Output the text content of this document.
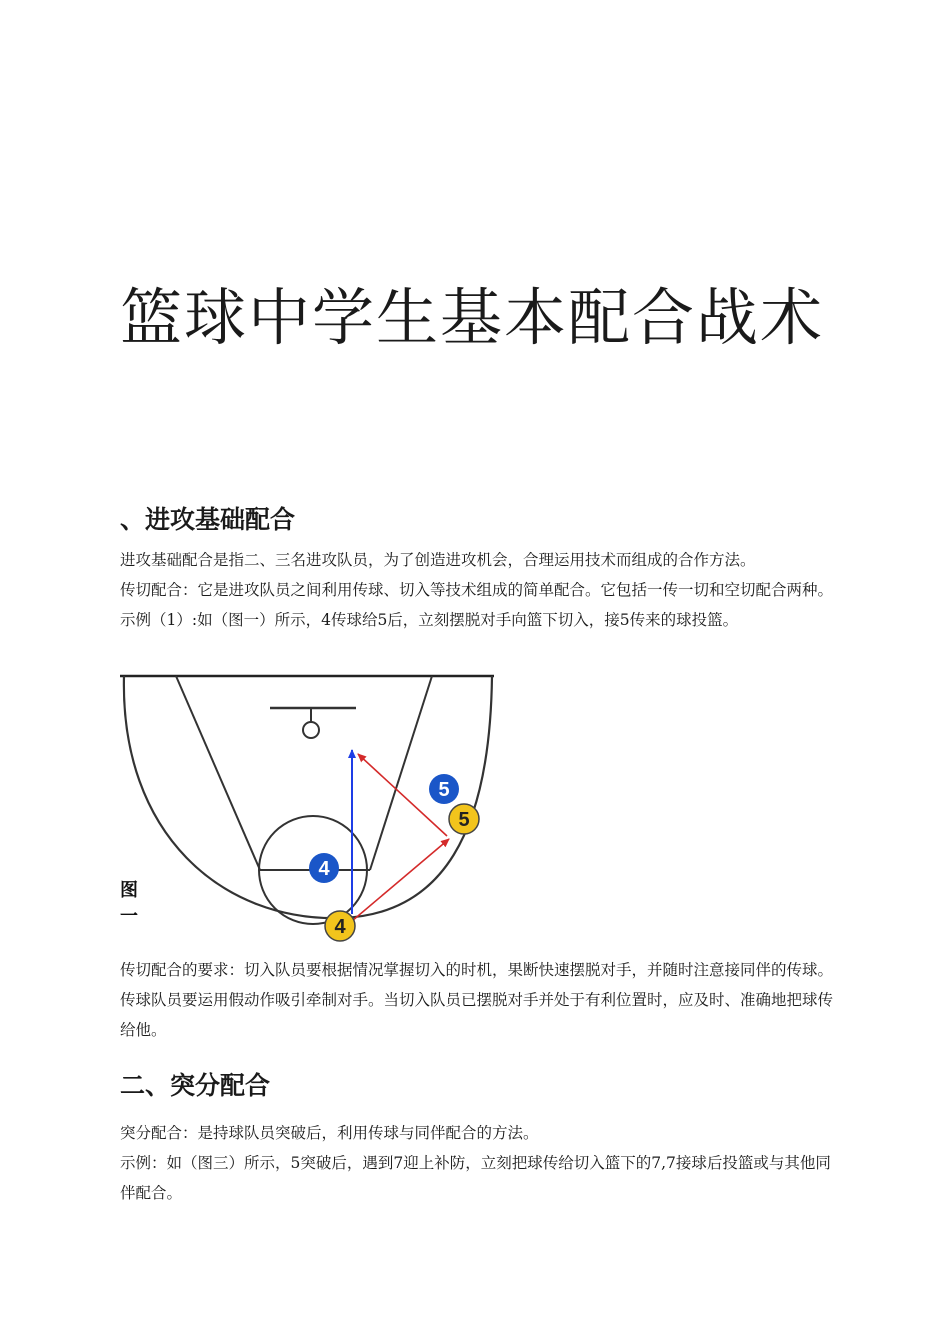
篮球中学生基本配合战术
、进攻基础配合

进攻基础配合是指二、三名进攻队员，为了创造进攻机会，合理运用技术而组成的合作方法。

传切配合：它是进攻队员之间利用传球、切入等技术组成的简单配合。它包括一传一切和空切配合两种。

示例（1）:如（图一）所示，4传球给5后，立刻摆脱对手向篮下切入，接5传来的球投篮。

5
5
4
4
图
一

传切配合的要求：切入队员要根据情况掌握切入的时机，果断快速摆脱对手，并随时注意接同伴的传球。传球队员要运用假动作吸引牵制对手。当切入队员已摆脱对手并处于有利位置时，应及时、准确地把球传给他。

二、突分配合

突分配合：是持球队员突破后，利用传球与同伴配合的方法。

示例：如（图三）所示，5突破后，遇到7迎上补防，立刻把球传给切入篮下的7,7接球后投篮或与其他同伴配合。
